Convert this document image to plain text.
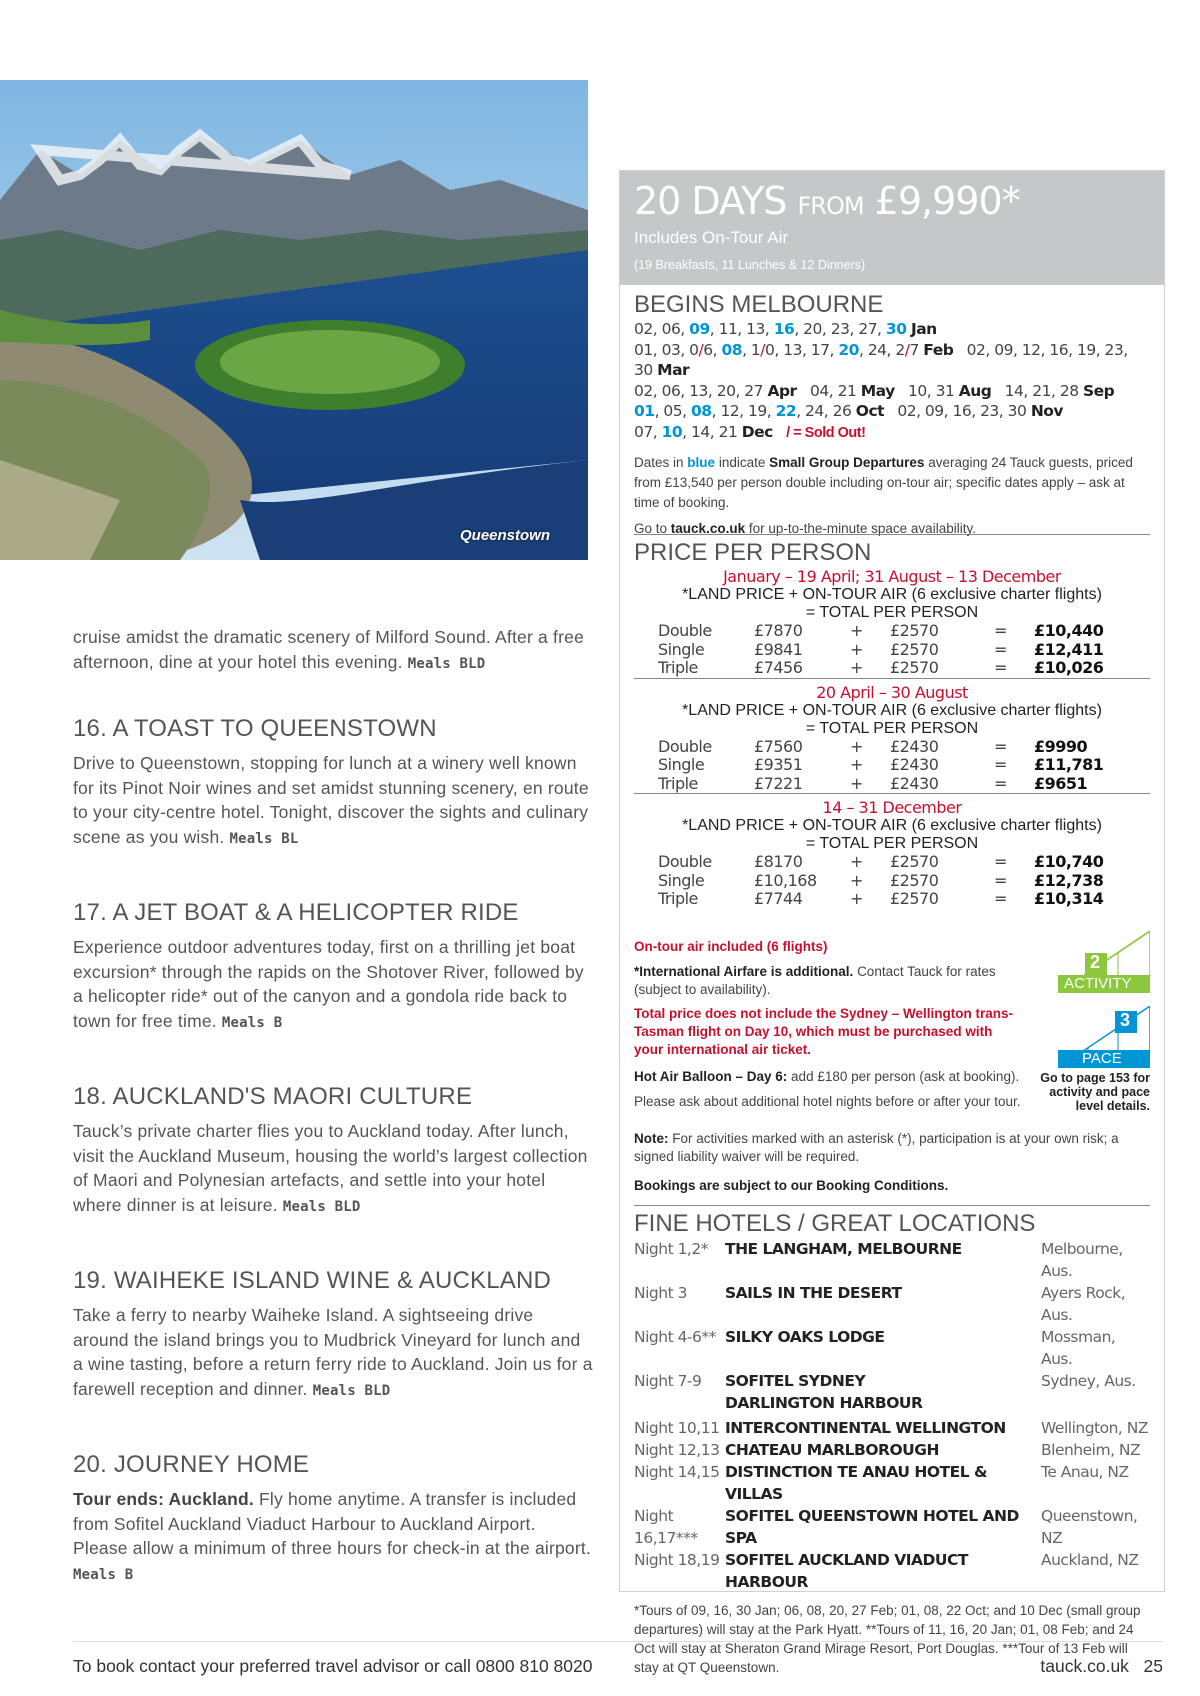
Queenstown

cruise amidst the dramatic scenery of Milford Sound. After a free afternoon, dine at your hotel this evening. Meals BLD

16. A TOAST TO QUEENSTOWN

Drive to Queenstown, stopping for lunch at a winery well known for its Pinot Noir wines and set amidst stunning scenery, en route to your city-centre hotel. Tonight, discover the sights and culinary scene as you wish. Meals BL

17. A JET BOAT & A HELICOPTER RIDE

Experience outdoor adventures today, first on a thrilling jet boat excursion* through the rapids on the Shotover River, followed by a helicopter ride* out of the canyon and a gondola ride back to town for free time. Meals B

18. AUCKLAND'S MAORI CULTURE

Tauck’s private charter flies you to Auckland today. After lunch, visit the Auckland Museum, housing the world’s largest collection of Maori and Polynesian artefacts, and settle into your hotel where dinner is at leisure. Meals BLD

19. WAIHEKE ISLAND WINE & AUCKLAND

Take a ferry to nearby Waiheke Island. A sightseeing drive around the island brings you to Mudbrick Vineyard for lunch and a wine tasting, before a return ferry ride to Auckland. Join us for a farewell reception and dinner. Meals BLD

20. JOURNEY HOME

Tour ends: Auckland. Fly home anytime. A transfer is included from Sofitel Auckland Viaduct Harbour to Auckland Airport. Please allow a minimum of three hours for check-in at the airport. Meals B

20 DAYS FROM £9,990*
Includes On-Tour Air
(19 Breakfasts, 11 Lunches & 12 Dinners)
BEGINS MELBOURNE
02, 06, 09, 11, 13, 16, 20, 23, 27, 30 Jan
01, 03, 0/6, 08, 1/0, 13, 17, 20, 24, 2/7 Feb   02, 09, 12, 16, 19, 23, 30 Mar
02, 06, 13, 20, 27 Apr   04, 21 May   10, 31 Aug   14, 21, 28 Sep
01, 05, 08, 12, 19, 22, 24, 26 Oct   02, 09, 16, 23, 30 Nov
07, 10, 14, 21 Dec / = Sold Out!
Dates in blue indicate Small Group Departures averaging 24 Tauck guests, priced from £13,540 per person double including on-tour air; specific dates apply – ask at time of booking.
Go to tauck.co.uk for up-to-the-minute space availability.
PRICE PER PERSON
January – 19 April; 31 August – 13 December
*LAND PRICE + ON-TOUR AIR (6 exclusive charter flights)
= TOTAL PER PERSON
Double	£7870	+	£2570	=	£10,440
Single	£9841	+	£2570	=	£12,411
Triple	£7456	+	£2570	=	£10,026
20 April – 30 August
*LAND PRICE + ON-TOUR AIR (6 exclusive charter flights)
= TOTAL PER PERSON
Double	£7560	+	£2430	=	£9990
Single	£9351	+	£2430	=	£11,781
Triple	£7221	+	£2430	=	£9651
14 – 31 December
*LAND PRICE + ON-TOUR AIR (6 exclusive charter flights)
= TOTAL PER PERSON
Double	£8170	+	£2570	=	£10,740
Single	£10,168	+	£2570	=	£12,738
Triple	£7744	+	£2570	=	£10,314
On-tour air included (6 flights)
*International Airfare is additional. Contact Tauck for rates (subject to availability).
Total price does not include the Sydney – Wellington trans-Tasman flight on Day 10, which must be purchased with your international air ticket.
Hot Air Balloon – Day 6: add £180 per person (ask at booking).
Please ask about additional hotel nights before or after your tour.
Note: For activities marked with an asterisk (*), participation is at your own risk; a signed liability waiver will be required.
Bookings are subject to our Booking Conditions.
2
ACTIVITY
3
PACE
Go to page 153 for activity and pace level details.
FINE HOTELS / GREAT LOCATIONS
Night 1,2*	THE LANGHAM, MELBOURNE	Melbourne, Aus.
Night 3	SAILS IN THE DESERT	Ayers Rock, Aus.
Night 4-6**	SILKY OAKS LODGE	Mossman, Aus.
Night 7-9	SOFITEL SYDNEY DARLINGTON HARBOUR	Sydney, Aus.
Night 10,11	INTERCONTINENTAL WELLINGTON	Wellington, NZ
Night 12,13	CHATEAU MARLBOROUGH	Blenheim, NZ
Night 14,15	DISTINCTION TE ANAU HOTEL & VILLAS	Te Anau, NZ
Night 16,17***	SOFITEL QUEENSTOWN HOTEL AND SPA	Queenstown, NZ
Night 18,19	SOFITEL AUCKLAND VIADUCT HARBOUR	Auckland, NZ
*Tours of 09, 16, 30 Jan; 06, 08, 20, 27 Feb; 01, 08, 22 Oct; and 10 Dec (small group departures) will stay at the Park Hyatt. **Tours of 11, 16, 20 Jan; 01, 08 Feb; and 24 Oct will stay at Sheraton Grand Mirage Resort, Port Douglas. ***Tour of 13 Feb will stay at QT Queenstown.
To book contact your preferred travel advisor or call 0800 810 8020	tauck.co.uk 25
